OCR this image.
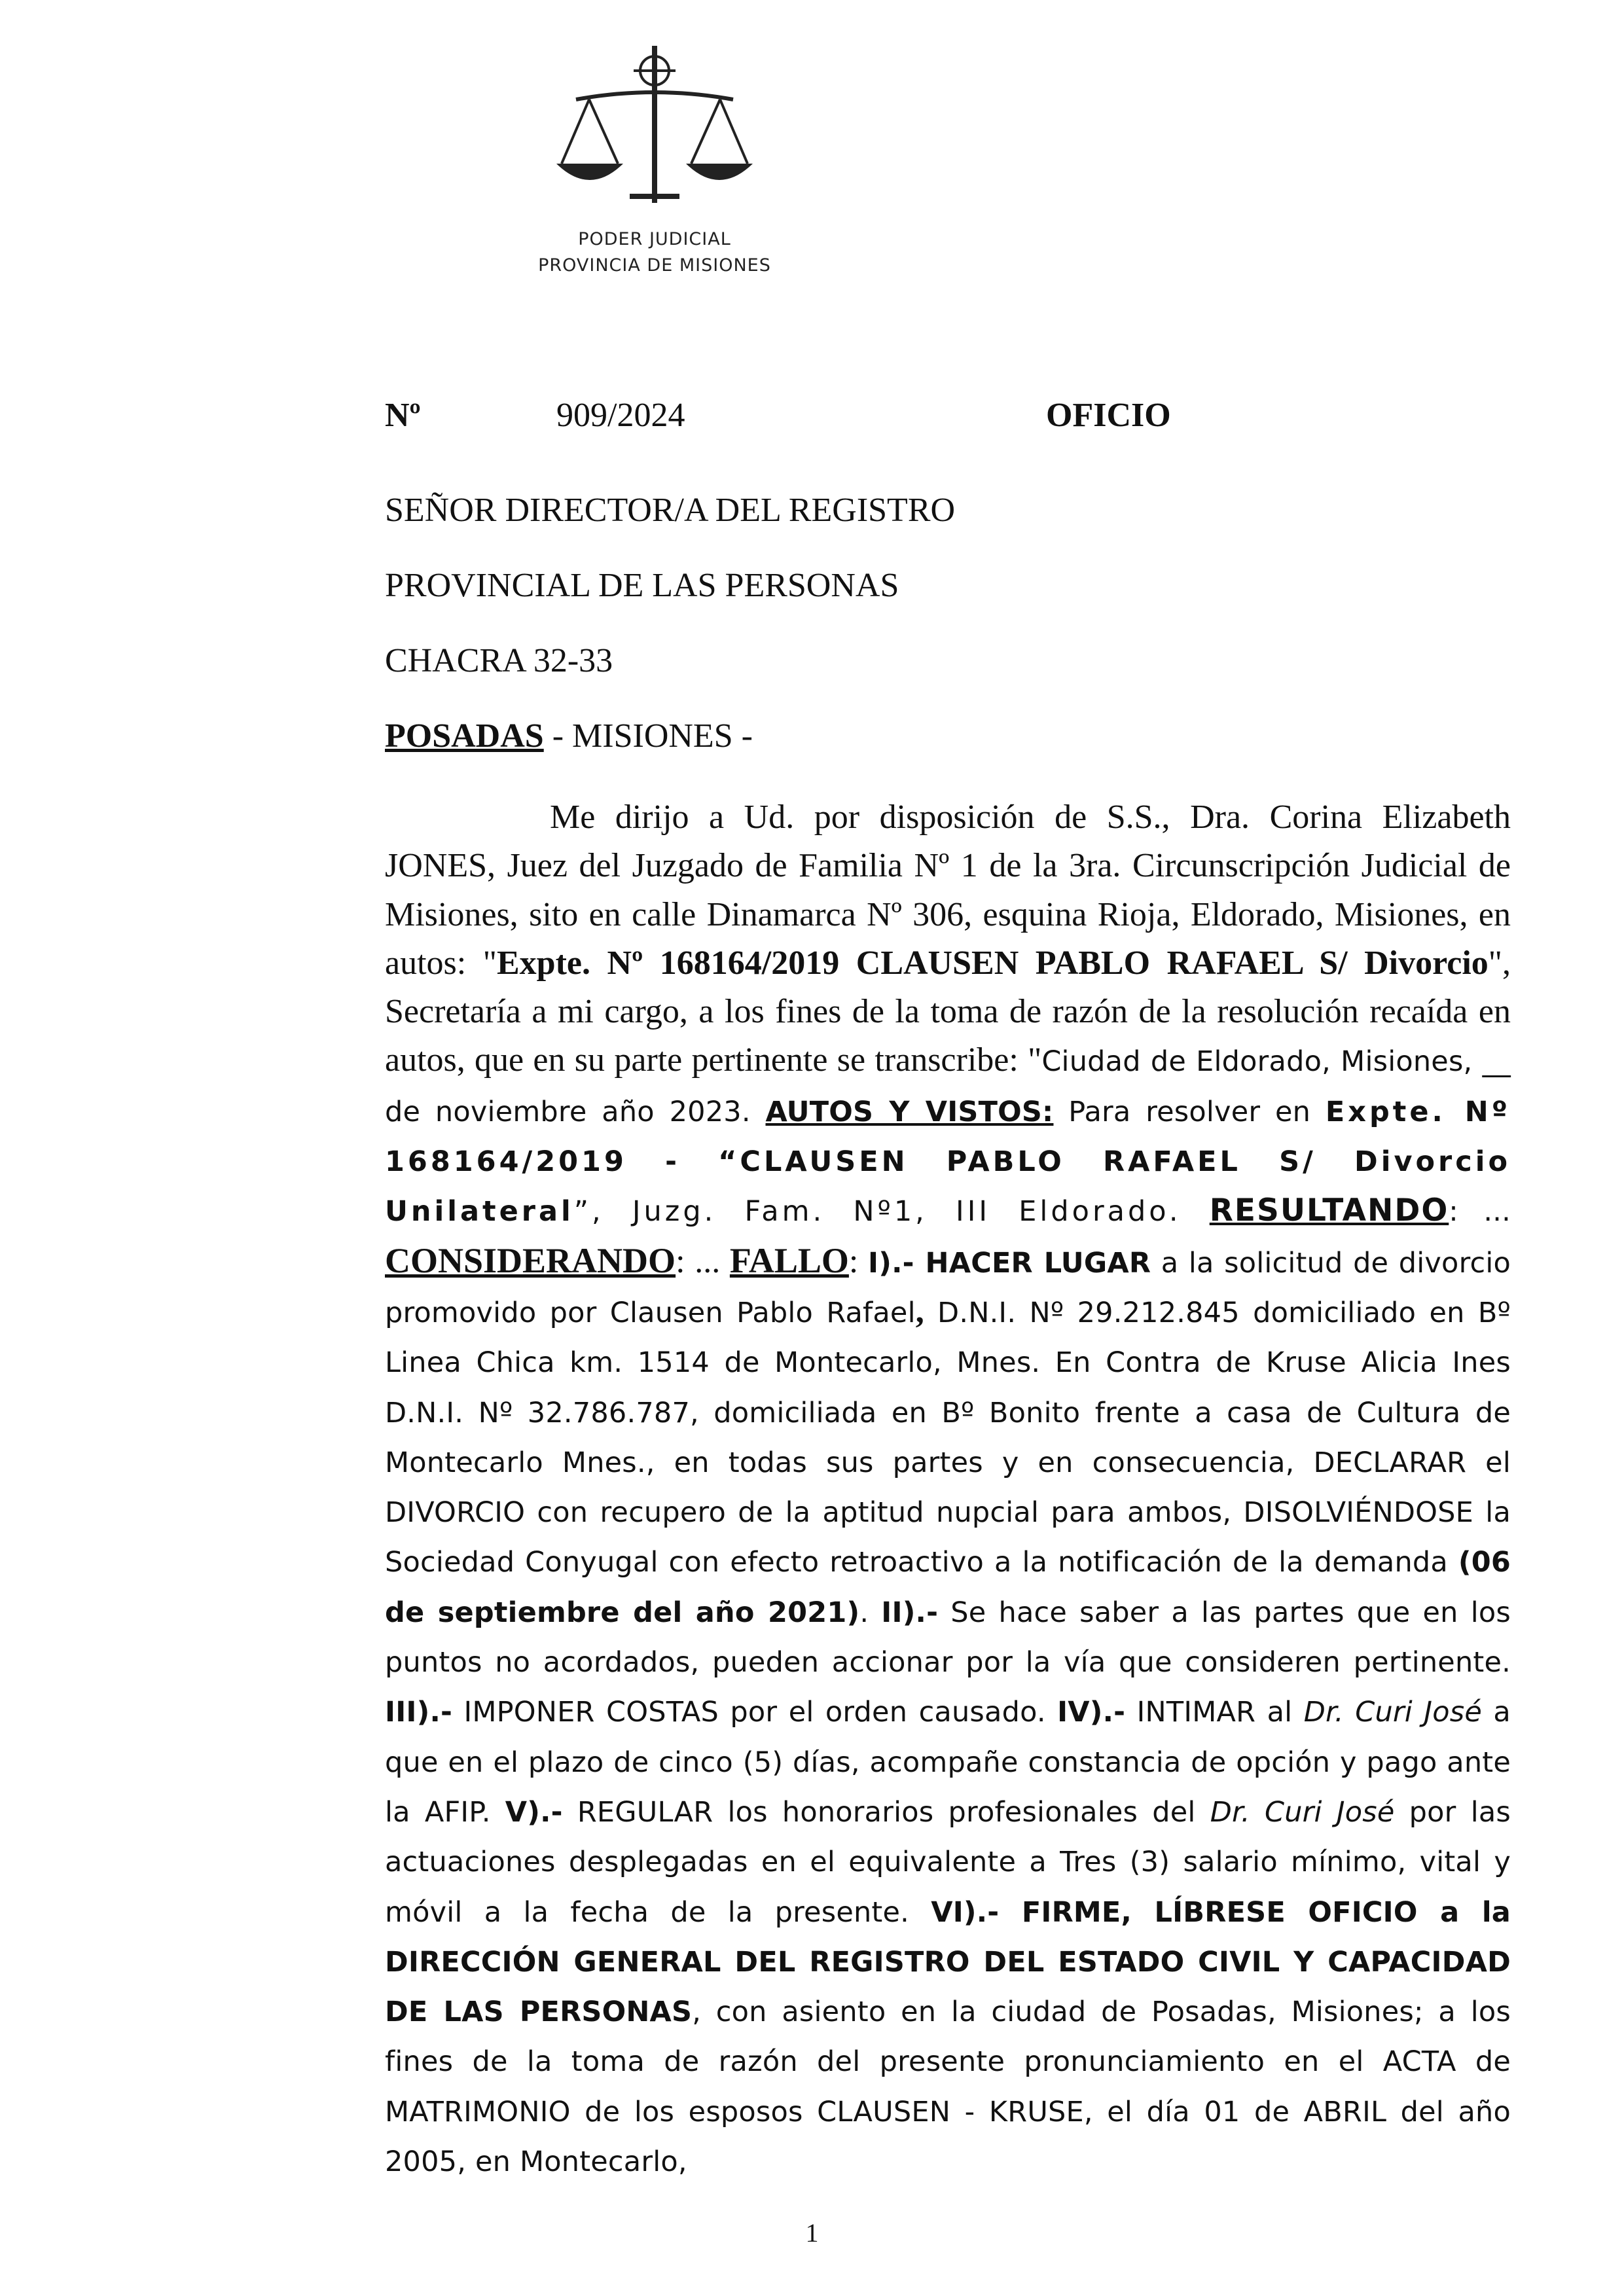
PODER JUDICIAL
PROVINCIA DE MISIONES
Nº	909/2024	OFICIO
SEÑOR DIRECTOR/A DEL REGISTRO
PROVINCIAL DE LAS PERSONAS
CHACRA 32-33
POSADAS - MISIONES -

Me dirijo a Ud. por disposición de S.S., Dra. Corina Elizabeth JONES, Juez del Juzgado de Familia Nº 1 de la 3ra. Circunscripción Judicial de Misiones, sito en calle Dinamarca Nº 306, esquina Rioja, Eldorado, Misiones, en autos: "Expte. Nº 168164/2019 CLAUSEN PABLO RAFAEL S/ Divorcio", Secretaría a mi cargo, a los fines de la toma de razón de la resolución recaída en autos, que en su parte pertinente se transcribe: "Ciudad de Eldorado, Misiones, __ de noviembre año 2023. AUTOS Y VISTOS: Para resolver en Expte. Nº 168164/2019 - “CLAUSEN PABLO RAFAEL S/ Divorcio Unilateral”, Juzg. Fam. Nº1, III Eldorado. RESULTANDO: ... CONSIDERANDO: ... FALLO: I).- HACER LUGAR a la solicitud de divorcio promovido por Clausen Pablo Rafael, D.N.I. Nº 29.212.845 domiciliado en Bº Linea Chica km. 1514 de Montecarlo, Mnes. En Contra de Kruse Alicia Ines D.N.I. Nº 32.786.787, domiciliada en Bº Bonito frente a casa de Cultura de Montecarlo Mnes., en todas sus partes y en consecuencia, DECLARAR el DIVORCIO con recupero de la aptitud nupcial para ambos, DISOLVIÉNDOSE la Sociedad Conyugal con efecto retroactivo a la notificación de la demanda (06 de septiembre del año 2021). II).- Se hace saber a las partes que en los puntos no acordados, pueden accionar por la vía que consideren pertinente. III).- IMPONER COSTAS por el orden causado. IV).- INTIMAR al Dr. Curi José a que en el plazo de cinco (5) días, acompañe constancia de opción y pago ante la AFIP. V).- REGULAR los honorarios profesionales del Dr. Curi José por las actuaciones desplegadas en el equivalente a Tres (3) salario mínimo, vital y móvil a la fecha de la presente. VI).- FIRME, LÍBRESE OFICIO a la DIRECCIÓN GENERAL DEL REGISTRO DEL ESTADO CIVIL Y CAPACIDAD DE LAS PERSONAS, con asiento en la ciudad de Posadas, Misiones; a los fines de la toma de razón del presente pronunciamiento en el ACTA de MATRIMONIO de los esposos CLAUSEN - KRUSE, el día 01 de ABRIL del año 2005, en Montecarlo,

1
